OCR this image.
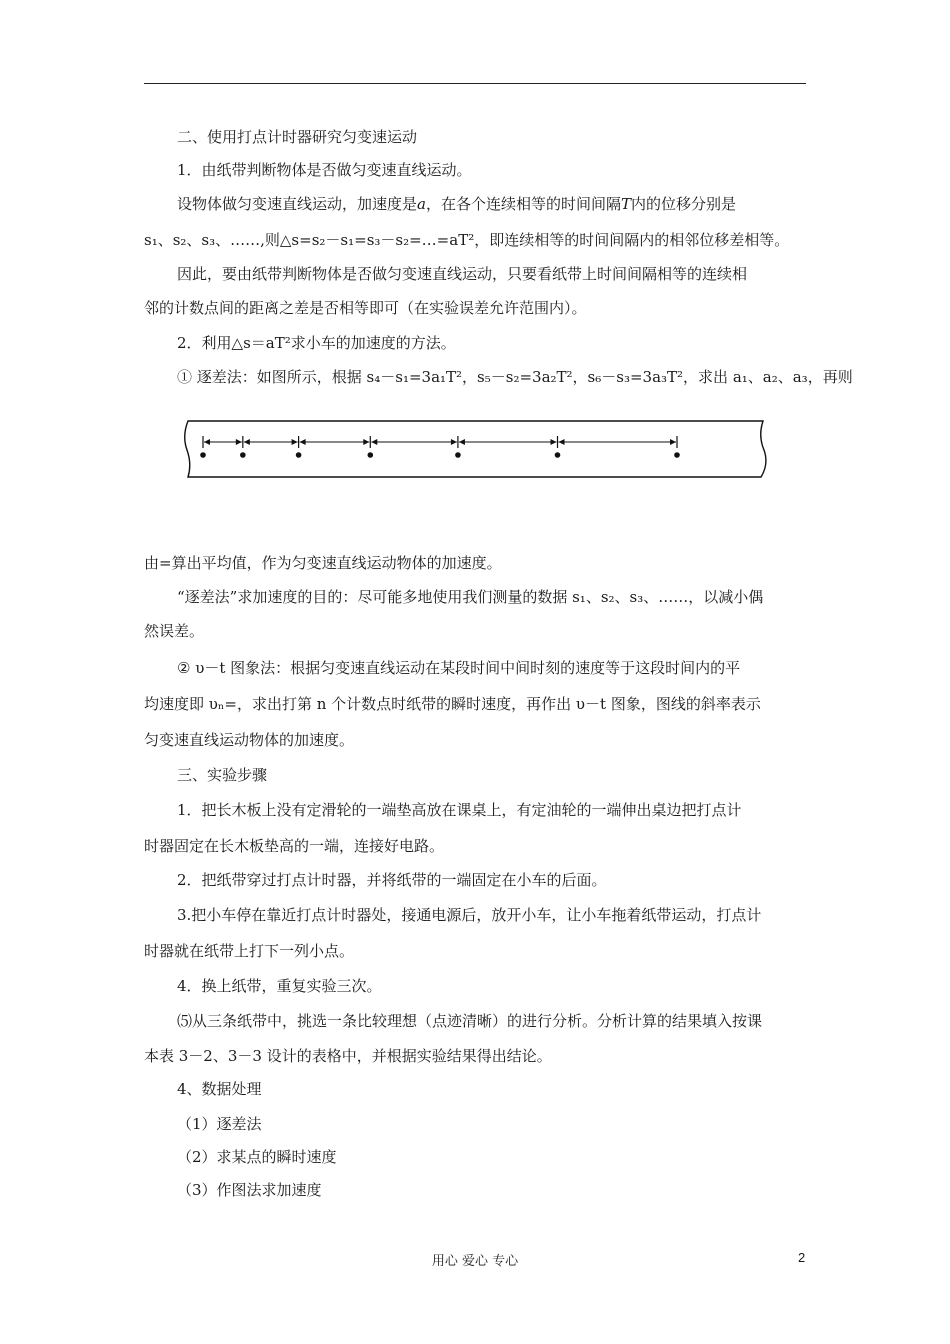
二、使用打点计时器研究匀变速运动
1．由纸带判断物体是否做匀变速直线运动。
设物体做匀变速直线运动，加速度是a，在各个连续相等的时间间隔T内的位移分别是
s₁、s₂、s₃、……,则△s=s₂－s₁=s₃－s₂=…=aT²，即连续相等的时间间隔内的相邻位移差相等。
因此，要由纸带判断物体是否做匀变速直线运动，只要看纸带上时间间隔相等的连续相
邻的计数点间的距离之差是否相等即可（在实验误差允许范围内）。
2．利用△s＝aT²求小车的加速度的方法。
① 逐差法：如图所示，根据 s₄－s₁=3a₁T²，s₅－s₂=3a₂T²，s₆－s₃=3a₃T²，求出 a₁、a₂、a₃，再则
由=算出平均值，作为匀变速直线运动物体的加速度。
“逐差法”求加速度的目的：尽可能多地使用我们测量的数据 s₁、s₂、s₃、……，以减小偶
然误差。
② υ－t 图象法：根据匀变速直线运动在某段时间中间时刻的速度等于这段时间内的平
均速度即 υₙ=，求出打第 n 个计数点时纸带的瞬时速度，再作出 υ－t 图象，图线的斜率表示
匀变速直线运动物体的加速度。
三、实验步骤
1．把长木板上没有定滑轮的一端垫高放在课桌上，有定油轮的一端伸出桌边把打点计
时器固定在长木板垫高的一端，连接好电路。
2．把纸带穿过打点计时器，并将纸带的一端固定在小车的后面。
3.把小车停在靠近打点计时器处，接通电源后，放开小车，让小车拖着纸带运动，打点计
时器就在纸带上打下一列小点。
4．换上纸带，重复实验三次。
⑸从三条纸带中，挑选一条比较理想（点迹清晰）的进行分析。分析计算的结果填入按课
本表 3－2、3－3 设计的表格中，并根据实验结果得出结论。
4、数据处理
（1）逐差法
（2）求某点的瞬时速度
（3）作图法求加速度
用心 爱心 专心	2
